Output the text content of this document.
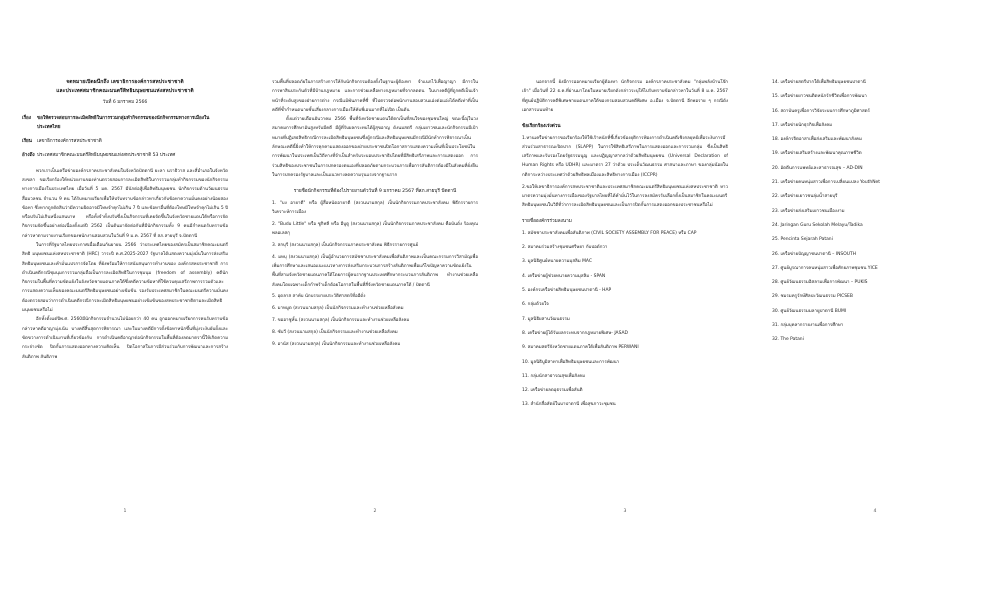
จดหมายเปิดผนึกถึง เลขาธิการองค์การสหประชาชาติ
และประเทศสมาชิกคณะมนตรีสิทธิมนุษยชนแห่งสหประชาชาติ
วันที่ 6 มกราคม 2566
เรื่อง	ขอให้ตรวจสอบการละเมิดสิทธิในการรวมกลุ่มทำกิจกรรมของนักกิจกรรมทางการเมืองในประเทศไทย
เรียน	เลขาธิการองค์การสหประชาชาติ
อ้างถึง ประเทศสมาชิกคณะมนตรีสิทธิมนุษยชนแห่งสหประชาชาติ 53 ประเทศ

พวกเราเป็นเครือข่ายองค์กรภาคประชาสังคมในจังหวัดปัตตานี ยะลา นราธิวาส และสี่อำเภอในจังหวัดสงขลา ขอเรียกร้องให้หน่วยงานของท่านตรวจสอบการละเมิดสิทธิในการรวมกลุ่มทำกิจกรรมของนักกิจกรรมทางการเมืองในประเทศไทย เมื่อวันที่ 5 มค. 2567 มีนักต่อสู้เพื่อสิทธิมนุษยชน นักกิจกรรมด้านวัฒนธรรม สื่อมวลชน จำนวน 9 คน ได้รับหมายเรียกเพื่อให้ปรับทราบข้อกล่าวหาเกี่ยวกับข้อหาความมั่นคงอย่างน้อยสองข้อหา ซึ่งหากถูกตัดสินว่ามีความผิดอาจมีโทษจำคุกไม่เกิน 7 ปี และข้อหาอื่นที่ต้องโทษมีโทษจำคุกไม่เกิน 5 ปี หรือปรับไม่เกินหนึ่งแสนบาท หรือทั้งจำทั้งปรับซึ่งเป็นกิจกรรมที่เคยจัดขึ้นในจังหวัดชายแดนใต้หรือการจัดกิจกรรมจัดขึ้นอย่างต่อเนื่องตั้งแต่ปี 2562 เป็นต้นมาจัดต่อกันที่มีนักกิจกรรมทั้ง 9 คนมีกำหนดรับทราบข้อกล่าวหาตามรายงานเรียกของพนักงานสอบสวนในวันที่ 9 ม.ค. 2567 ที่ สภ.สายบุรี จ.ปัตตานี

ในการที่รัฐบาลไทยประกาศเมื่อเดือนกันยายน 2566 ว่าประเทศไทยของสมัครเป็นสมาชิกคณะมนตรีสิทธิ มนุษยชนแห่งสหประชาชาติ (HRC) วาระปี ค.ศ.2025-2027 รัฐบาลได้แสดงความมุ่งมั่นในการส่งเสริมสิทธิมนุษยชนและคำมั่นแปรการจัดโดย ที่ยังพร้อมให้การสนับสนุนการทำงานของ องค์กรสหประชาชาติ การดำเนินคดีกรณีชุมนุมการรวมกลุ่มถือเป็นการละเมิดสิทธิในการชุมนุม (freedom of assembly) คดีนักกิจกรรมในพื้นที่ความขัดแย้งในจังหวัดชายแดนภาคใต้ซึ่งคดีความข้อหาที่ใช้ควบคุมเสรีภาพการรวมตัวและการแสดงความเห็นของคณะมนตรีสิทธิมนุษยชนอย่างเข้มข้น รองรับประเทศสมาชิกในคณะมนตรีความมั่นคงต้องตรวจสอบว่าการดำเนินคดีกรณีการละเมิดสิทธิมนุษยชนอย่างเข้มข้นของสหประชาชาติตามละเมิดสิทธิมนุษยชนหรือไม่

อีกทั้งตั้งแต่ปีพ.ศ. 2560มีนักกิจกรรมจำนวนไม่น้อยกว่า 40 คน ถูกออกหมายเรียกการคนรับทราบข้อกล่าวหาคดีอาญามุ่งเน้น บางคดีสิ้นสุดการพิจารณา และในบางคดีมีการตั้งข้อหาหนักขึ้นที่มุ่งระงับยับยั้งและขัดขวางการดำเนินงานที่เกี่ยวข้องกับ การดำเนินคดีอาญาต่อนักกิจกรรมในพื้นที่ต้องลดมาตรานี้ให้เกิดความกระจ่างชัด ปิดกั้นการแสดงออกทางความคิดเห็น ปิดโอกาสในการมีส่วนร่วมกับการพัฒนาและการสร้างสันติภาพ สันติภาพ

1

รวมพื้นที่ปลอดภัยในการสร้างการให้กับนักกิจกรรมต้องตั้งในฐานะผู้ต้องหา จำแนกไว้เพื่อญาญา มีการในการพาสินประกันตัวที่มีบ้านกฎหมาย และการช่วยเหลือทางกฎหมายที่จากลดตน ในบางคดีผู้ที่ถูกคดีเป็นเจ้าหน้าที่ระดับสูงของฝ่ายการต่าง กรณีแม้พันภาคที่ซี่ ที่ไปตรวจต่อพนักงานสอบสวนแอ่งต่อแอ่งได้คดีเท่าที่เป็นคดีที่ซ้ำกำหนดนายชั้นเสี่ยงกลางการเมืองให้คับพี่เอนมากที่ไม่เปิด เป็นต้น

ตั้งแต่วายเดือนธันวาคม 2566 พื้นที่จังหวัดชายแดนใต้ตกเป็นที่สนใจของชุมชนใหญ่ ขณะนี้ญุ่ในวงสมาคมการศึกษาอันสูงหรับมีคดี มีผู้ที่รับผลกระทบได้ผู้สุขอาญ ดังนมสตรี กลุ่มเยาวชนและนักกิจกรรมมีเป้าหมายที่ปฏิเสธสิทธิกรณีการละเมิดสิทธิมนุษยชนซึ่งผู้กรณีและสิทธิมนุษยชนมีกรณีมีนักทำการพิจารณาเป็นลักษณะคดีนี้ยิ่งทำให้การคุกคามแสดงออกของฝ่ายประชาชนปิดโอกาสการแสดงความเห็นที่เป็นประโยชน์ในการพัฒนาในประเทศเป็นวิถีทางที่จำเป็นสำหรับระบอบประชาธิปไตยที่มีสิทธิเสรีภาพและการแสดงออก การร่วมสิทธิของประชาชนในการปกครองตนเองที่ปลอดภัยตามกระบวนการเพื่อการสันติการต้องมีในสังคมที่ยั่งยืนในการปกครองรัฐบาลและเป็นแนวทางลดความรุนแรงจากฐานราก

รายชื่อนักกิจกรรมที่ต้องไปรายงานตัววันที่ 9 มกราคม 2567 ที่สภ.สายบุรี ปัตตานี
1. "บง อายาตี" หรือ ผู้สื่อหนัดอายาตี (สงวนนามสกุล) เป็นนักกิจกรรมภาคประชาสังคม พิธีกรรายการวิเคราะห์การเมือง
2. "Budu Little" หรือ ซูกิฟลี หรือ อีบูดู (สงวนนามสกุล) เป็นนักกิจกรรมภาคประชาสังคม คือบันดั่ง ร้องคุณพลอเลสกุ
3. สกบุรี (สงวนนามสกุล) เป็นนักกิจกรรมภาคประชาสังคม พิธีกรรายการศูนย์
4. มหบุ (สงวนนามสกุล) เป็นผู้อำนวยการสมัชชาประชาสังคมเพื่อสันติภาพและเป็นคณะกรรมการวิสามัญเพื่อเพิ่มการศึกษาและเสนอแนะแนวทางการส่งเสริมกระบวนการสร้างสันติภาพเพื่อแก้ไขปัญหาความขัดแย้งในพื้นที่สามจังหวัดชายแดนภาคใต้โดยการผู้คนรากฐานประเทศศึกษากระบวนการสันติภาพ ทำงานช่วยเหลือสังคมโดยเฉพาะเด็กกำพร้าเด็กด้อยโอกาสในพื้นที่สี่จังหวัดชายแดนภาคใต้ / ปัตตานี
5. อุดลาส สาหับ นักบรรยายประวัติศาสตร์ที่ออีดั่ง
6. มาหมูด (สงวนนามสกุล) เป็นนักกิจกรรมและทำงานช่วยเหลือสังคม
7. ขออาชูหั้น (สงวนนามสกุล) เป็นนักกิจกรรมและทำงานช่วยเหลือสังคม
8. ซับวี (สงวนนามสกุล) เป็นนักกิจกรรมและทำงานช่วยเหลือสังคม
9. อานัส (สงวนนามสกุล) เป็นนักกิจกรรมและทำงานช่วยเหลือสังคม
2

นอกจากนี้ ยังมีการออกหมายเรียกผู้ต้องหา นักกิจกรรม องค์กรภาคประชาสังคม "กลุ่มพลังบ้านโจ๊กเจ้า" เมื่อวันที่ 22 ธ.ค.ที่ผ่านมาโดยในหมายเรียกดังกล่าวระบุให้ไปรับทราบข้อกล่าวหาในวันที่ 8 ม.ค. 2567 ที่ศูนย์ปฏิบัติการคดีพิเศษชายแดนภาคใต้ของกรมสอบสวนคดีพิเศษ อ.เมือง จ.ปัตตานี อีกพอราย ๆ กรณีดังเอกสารแนบท้าย

ข้อเรียกร้องเร่งด่วน
1.หานเครือข่ายการขอเรียกร้องให้ใช้เร้าหนักที่ชี้เกี่ยวข้องยุติการฟ้องการดำเนินคดีเชิงกลยุทธ์เพื่อระงับการมีส่วนร่วมสาธารณะปิดปาก (SLAPP) ในการใช้สิทธิเสรีภาพในการแสดงออกและการรวมกลุ่ม ซึ่งเป็นสิทธิเสรีภาพและรับรองโดยรัฐธรรมนูญ และปฏิญญาสากลว่าด้วยสิทธิมนุษยชน (Universal Declaration of Human Rights หรือ UDHR) และมาตรา 27 ว่าด้วย ประเด็นวัฒนธรรม ศาสนาและภาษา ของกลุ่มน้อยในกติการะหว่างประเทศว่าด้วยสิทธิพลเมืองและสิทธิทางการเมือง (ICCPR)
2.ขอให้เลขาธิการองค์การสหประชาชาติและประเทศสมาชิกคณะมนตรีสิทธิมนุษยชนแห่งสหประชาชาติ หาวมาตรความมุ่งมั่นทางการเมืองของรัฐบาลไทยที่ได้คำมั่นไว้ในการลงสมัครรับเลือกตั้งเป็นสมาชิกในคณะมนตรีสิทธิมนุษยชนในวิถีที่ว่าการละเมิดสิทธิมนุษยชนและเป็นการปิดกั้นการแสดงออกของประชาชนหรือไม่
รายชื่อองค์กรร่วมลงนาม
1. สมัชชาประชาสังคมเพื่อสันติภาพ (CIVIL SOCIETY ASSEMBLY FOR PEACE) หรือ CAP
2. สมาคมร่วมสร้างชุมชนศรีษยา กับปอดักวา
3. มูลนิธิศูนย์ทนายความมุสลิม MAC
4. เครือข่ายผู้ช่วยทนายความมุสลิม - SPAN
5. องค์กรเครือข่ายสิทธิมนุษยชนปาตานี - HAP
6. กลุ่มด้วยใจ
7. มูลนิธิผสานวัฒนธรรม
8. เครือข่ายผู้ได้รับผลกระทบจากกฎหมายพิเศษ- JASAD
9. สมาคมสตรีจังหวัดชายแดนภาคใต้เพื่อสันติภาพ PERWANI
10. มูลนิธิบูมิสาทาเพื่อสิทธิมนุษยชนและการพัฒนา
11. กลุ่มนักสาธารณสุขเพื่อสังคม
12. เครือข่ายลดอุธรรมเพื่อสันติ
13. สำนักสื่อสัตย์ในบาปาตานี เพื่อสุขภาวะชุมชน
3
14. เครือข่ายสตรีปากใต้เพื่อสิทธิมนุษยชนปาตานี
15. เครือข่ายยาวชนติดหนักรักชีวิตเพื่อการพัฒนา
16. สถาบันครูเพื่อการวิจัยระบบการศึกษาภูมิศาสตร์
17. เครือข่ายนักธุรกิจเพื่อสังคม
18. องค์กรจิตอาสาเพื่อส่งเสริมและพัฒนาสังคม
19. เครือข่ายเสริมสร้างและพัฒนาคุณภาพชีวิต
20. อัดดีนการแพทย์และสาธารณสุข – AD-DIN
21. เครือข่ายคนหนุ่มสาวเพื่อการเปลี่ยนแปลง YouthNet
22. เครือข่ายเยาวชนลุ่มน้ำสายบุรี
23. เครือข่ายส่งเสริมเยาวชนเมืองงาม
24. Jaringan Guru Sekolah Melayu/Tadika
25. Pencinta Sejarah Patani
26. เครือข่ายปัญญาชนปาตานี – INSOUTH
27. ศูนย์บูรณาการคนหนุ่มสาวเพื่อศักยภาพชุมชน YICE
28. ศูนย์วัฒนธรรมอิสลามเพื่อการพัฒนา – PUKIS
29. ชมรมครูรักษ์ศิลปะวัฒนธรรม PICSEB
30. ศูนย์วัฒนธรรมมลายูปาตานี BUMI
31. กลุ่มบุคลากรายงานเพื่อการศึกษา
32. The Patani
4
